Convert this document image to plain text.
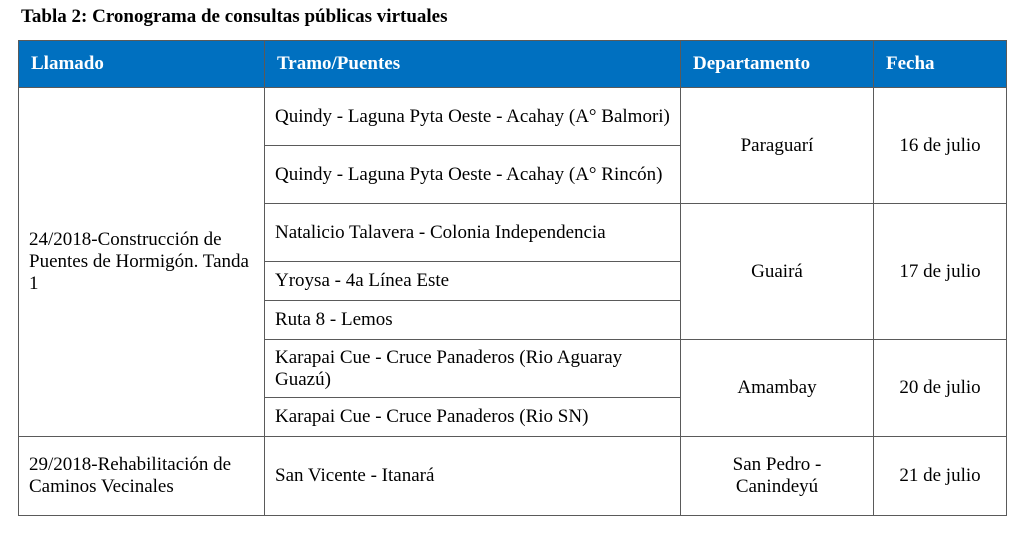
Tabla 2: Cronograma de consultas públicas virtuales
Llamado	Tramo/Puentes	Departamento	Fecha
24/2018-Construcción de Puentes de Hormigón. Tanda 1	Quindy - Laguna Pyta Oeste - Acahay (A° Balmori)	Paraguarí	16 de julio
	Quindy - Laguna Pyta Oeste - Acahay (A° Rincón)		
	Natalicio Talavera - Colonia Independencia	Guairá	17 de julio
	Yroysa - 4a Línea Este		
	Ruta 8 - Lemos		
	Karapai Cue - Cruce Panaderos (Rio Aguaray Guazú)	Amambay	20 de julio
	Karapai Cue - Cruce Panaderos (Rio SN)		
29/2018-Rehabilitación de Caminos Vecinales	San Vicente - Itanará	San Pedro - Canindeyú	21 de julio
